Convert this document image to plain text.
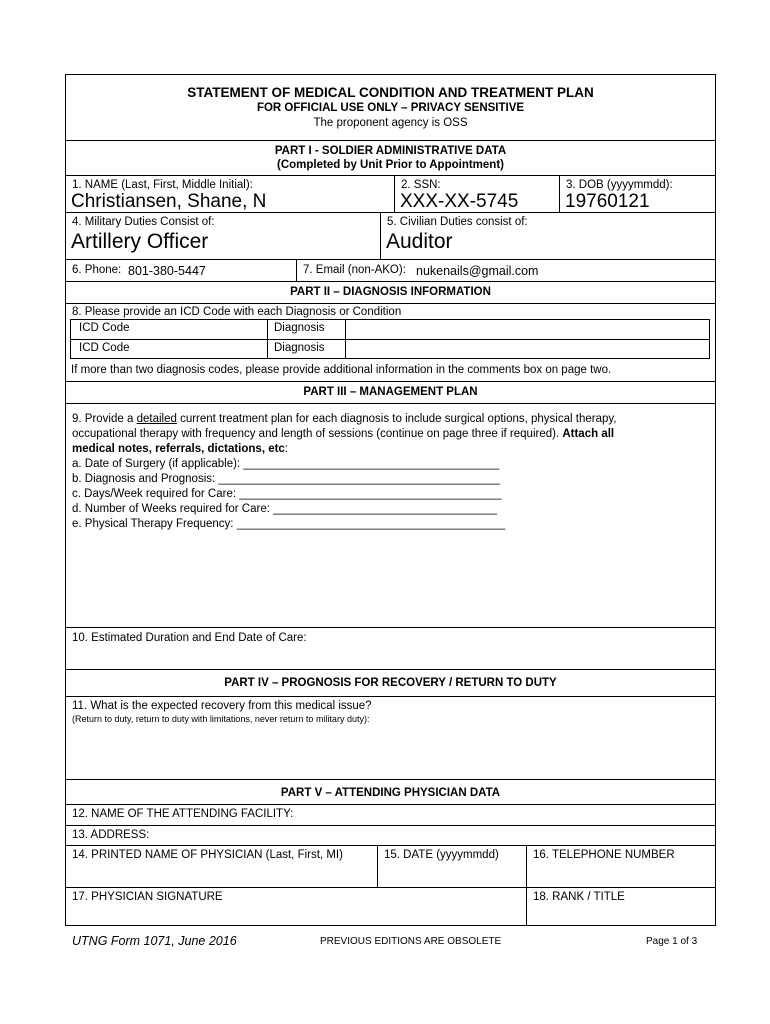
STATEMENT OF MEDICAL CONDITION AND TREATMENT PLAN
FOR OFFICIAL USE ONLY – PRIVACY SENSITIVE
The proponent agency is OSS
PART I - SOLDIER ADMINISTRATIVE DATA
(Completed by Unit Prior to Appointment)
1. NAME (Last, First, Middle Initial):
Christiansen, Shane, N
2. SSN:
XXX-XX-5745
3. DOB (yyyymmdd):
19760121
4. Military Duties Consist of:
Artillery Officer
5. Civilian Duties consist of:
Auditor
6. Phone: 801-380-5447	7. Email (non-AKO): nukenails@gmail.com
PART II – DIAGNOSIS INFORMATION
8. Please provide an ICD Code with each Diagnosis or Condition
ICD Code	Diagnosis
ICD Code	Diagnosis
If more than two diagnosis codes, please provide additional information in the comments box on page two.
PART III – MANAGEMENT PLAN
9. Provide a detailed current treatment plan for each diagnosis to include surgical options, physical therapy,
occupational therapy with frequency and length of sessions (continue on page three if required). Attach all
medical notes, referrals, dictations, etc:
a. Date of Surgery (if applicable): ________________________________________
b. Diagnosis and Prognosis: ____________________________________________
c. Days/Week required for Care: _________________________________________
d. Number of Weeks required for Care: ___________________________________
e. Physical Therapy Frequency: __________________________________________
10. Estimated Duration and End Date of Care:
PART IV – PROGNOSIS FOR RECOVERY / RETURN TO DUTY
11. What is the expected recovery from this medical issue?
(Return to duty, return to duty with limitations, never return to military duty):
PART V – ATTENDING PHYSICIAN DATA
12. NAME OF THE ATTENDING FACILITY:
13. ADDRESS:
14. PRINTED NAME OF PHYSICIAN (Last, First, MI)	15. DATE (yyyymmdd)	16. TELEPHONE NUMBER
17. PHYSICIAN SIGNATURE	18. RANK / TITLE
UTNG Form 1071, June 2016	PREVIOUS EDITIONS ARE OBSOLETE	Page 1 of 3
